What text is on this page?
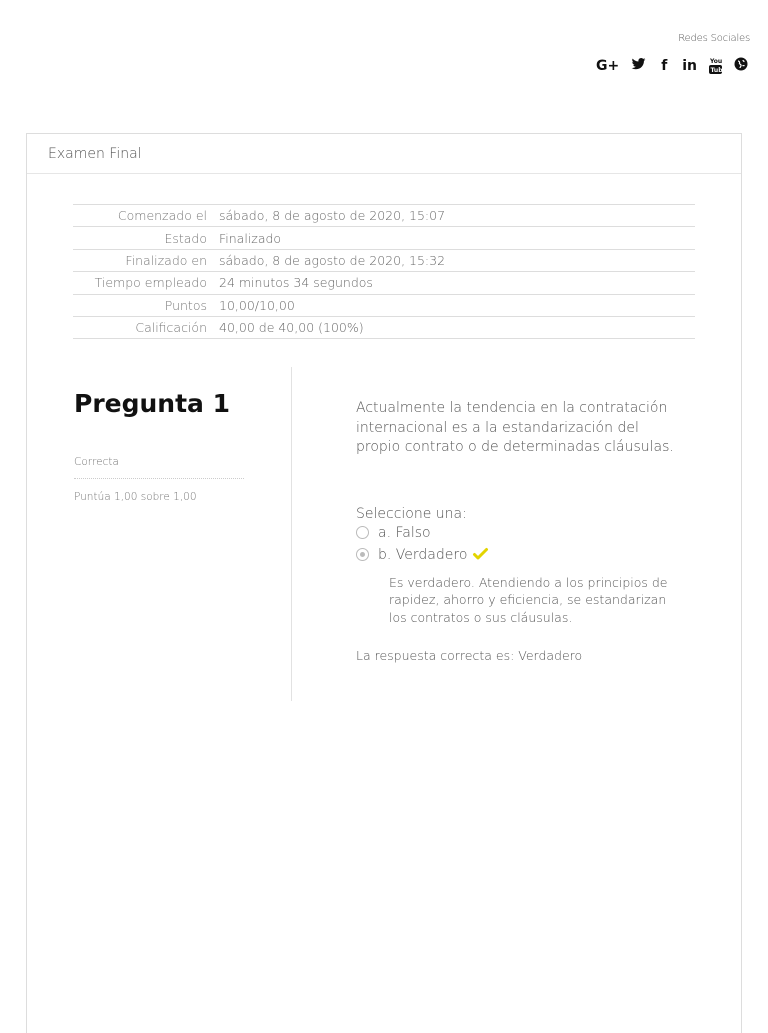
Redes Sociales
G+	f in You
Tube
Examen Final
Comenzado el	sábado, 8 de agosto de 2020, 15:07
Estado	Finalizado
Finalizado en	sábado, 8 de agosto de 2020, 15:32
Tiempo empleado	24 minutos 34 segundos
Puntos	10,00/10,00
Calificación	40,00 de 40,00 (100%)
Pregunta 1
Correcta
Puntúa 1,00 sobre 1,00

Actualmente la tendencia en la contratación internacional es a la estandarización del propio contrato o de determinadas cláusulas.

Seleccione una:
a. Falso
b. Verdadero
Es verdadero. Atendiendo a los principios de rapidez, ahorro y eficiencia, se estandarizan los contratos o sus cláusulas.
La respuesta correcta es: Verdadero
